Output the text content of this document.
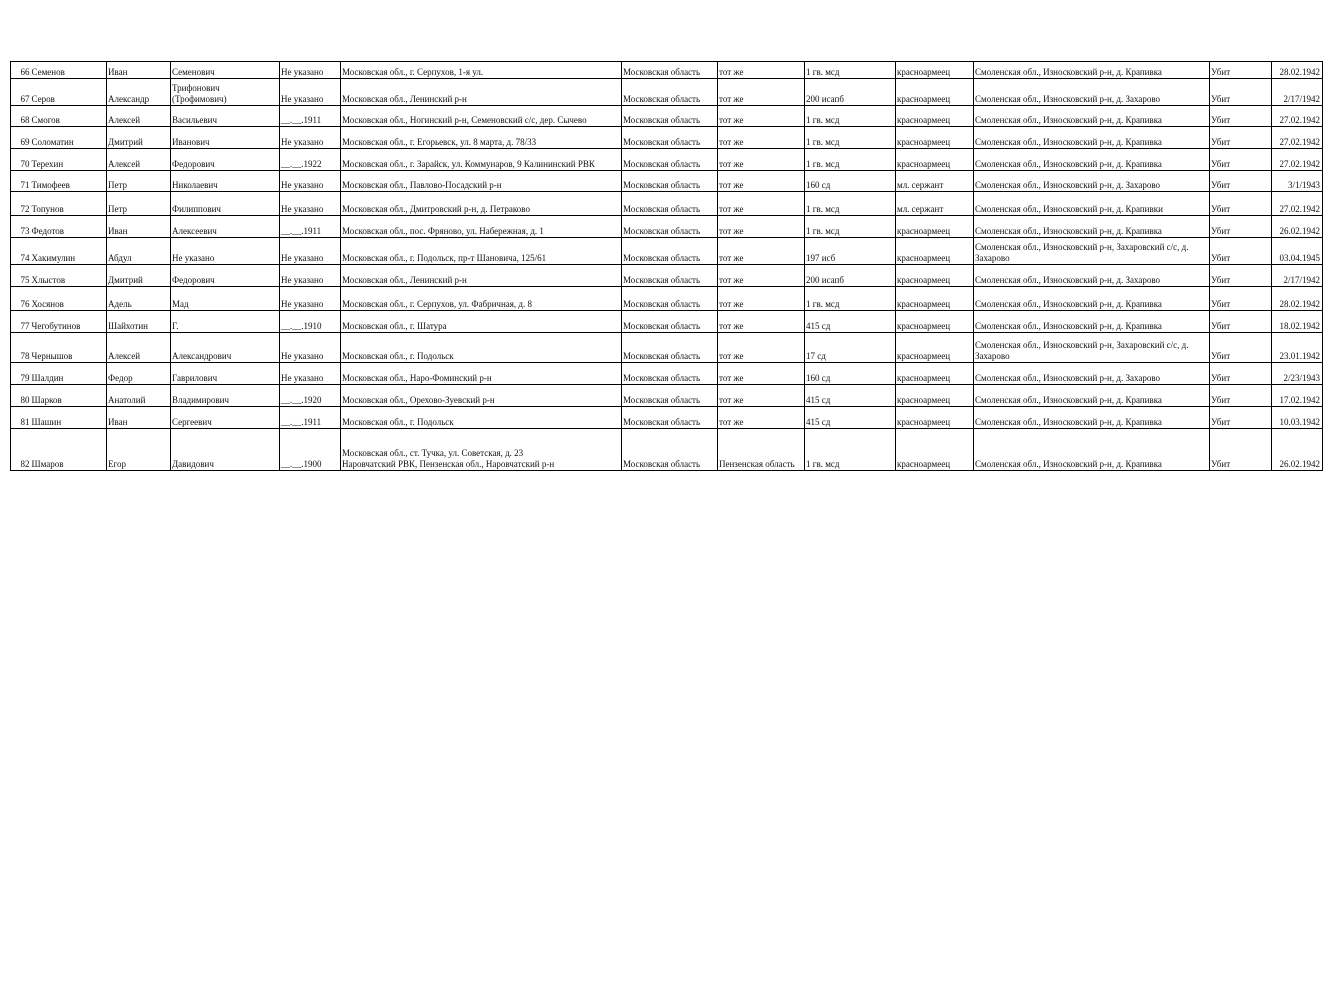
66	Семенов	Иван	Семенович	Не указано	Московская обл., г. Серпухов, 1-я ул.	Московская область	тот же	1 гв. мсд	красноармеец	Смоленская обл., Износковский р-н, д. Крапивка	Убит	28.02.1942
67	Серов	Александр	Трифонович
(Трофимович)	Не указано	Московская обл., Ленинский р-н	Московская область	тот же	200 исапб	красноармеец	Смоленская обл., Износковский р-н, д. Захарово	Убит	2/17/1942
68	Смогов	Алексей	Васильевич	__.__.1911	Московская обл., Ногинский р-н, Семеновский с/с, дер. Сычево	Московская область	тот же	1 гв. мсд	красноармеец	Смоленская обл., Износковский р-н, д. Крапивка	Убит	27.02.1942
69	Соломатин	Дмитрий	Иванович	Не указано	Московская обл., г. Егорьевск, ул. 8 марта, д. 78/33	Московская область	тот же	1 гв. мсд	красноармеец	Смоленская обл., Износковский р-н, д. Крапивка	Убит	27.02.1942
70	Терехин	Алексей	Федорович	__.__.1922	Московская обл., г. Зарайск, ул. Коммунаров, 9 Калининский РВК	Московская область	тот же	1 гв. мсд	красноармеец	Смоленская обл., Износковский р-н, д. Крапивка	Убит	27.02.1942
71	Тимофеев	Петр	Николаевич	Не указано	Московская обл., Павлово-Посадский р-н	Московская область	тот же	160 сд	мл. сержант	Смоленская обл., Износковский р-н, д. Захарово	Убит	3/1/1943
72	Топунов	Петр	Филиппович	Не указано	Московская обл., Дмитровский р-н, д. Петраково	Московская область	тот же	1 гв. мсд	мл. сержант	Смоленская обл., Износковский р-н, д. Крапивки	Убит	27.02.1942
73	Федотов	Иван	Алексеевич	__.__.1911	Московская обл., пос. Фряново, ул. Набережная, д. 1	Московская область	тот же	1 гв. мсд	красноармеец	Смоленская обл., Износковский р-н, д. Крапивка	Убит	26.02.1942
74	Хакимулин	Абдул	Не указано	Не указано	Московская обл., г. Подольск, пр-т Шановича, 125/61	Московская область	тот же	197 исб	красноармеец	Смоленская обл., Износковский р-н, Захаровский с/с, д.
Захарово	Убит	03.04.1945
75	Хлыстов	Дмитрий	Федорович	Не указано	Московская обл., Ленинский р-н	Московская область	тот же	200 исапб	красноармеец	Смоленская обл., Износковский р-н, д. Захарово	Убит	2/17/1942
76	Хосянов	Адель	Мад	Не указано	Московская обл., г. Серпухов, ул. Фабричная, д. 8	Московская область	тот же	1 гв. мсд	красноармеец	Смоленская обл., Износковский р-н, д. Крапивка	Убит	28.02.1942
77	Чегобутинов	Шайхотин	Г.	__.__.1910	Московская обл., г. Шатура	Московская область	тот же	415 сд	красноармеец	Смоленская обл., Износковский р-н, д. Крапивка	Убит	18.02.1942
78	Чернышов	Алексей	Александрович	Не указано	Московская обл., г. Подольск	Московская область	тот же	17 сд	красноармеец	Смоленская обл., Износковский р-н, Захаровский с/с, д.
Захарово	Убит	23.01.1942
79	Шалдин	Федор	Гаврилович	Не указано	Московская обл., Наро-Фоминский р-н	Московская область	тот же	160 сд	красноармеец	Смоленская обл., Износковский р-н, д. Захарово	Убит	2/23/1943
80	Шарков	Анатолий	Владимирович	__.__.1920	Московская обл., Орехово-Зуевский р-н	Московская область	тот же	415 сд	красноармеец	Смоленская обл., Износковский р-н, д. Крапивка	Убит	17.02.1942
81	Шашин	Иван	Сергеевич	__.__.1911	Московская обл., г. Подольск	Московская область	тот же	415 сд	красноармеец	Смоленская обл., Износковский р-н, д. Крапивка	Убит	10.03.1942
82	Шмаров	Егор	Давидович	__.__.1900	Московская обл., ст. Тучка, ул. Советская, д. 23
Наровчатский РВК, Пензенская обл., Наровчатский р-н	Московская область	Пензенская область	1 гв. мсд	красноармеец	Смоленская обл., Износковский р-н, д. Крапивка	Убит	26.02.1942
